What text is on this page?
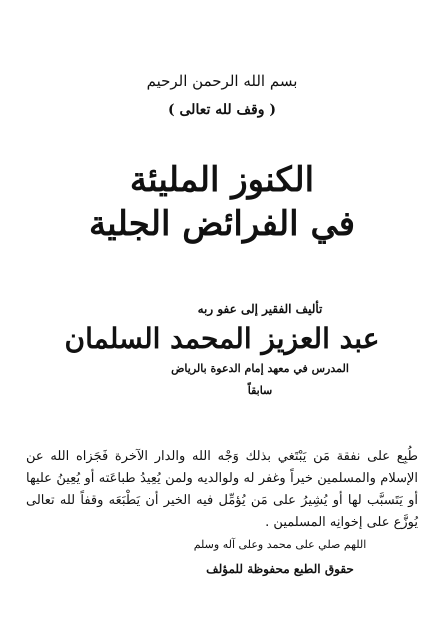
بسم الله الرحمن الرحيم
( وقف لله تعالى )
الكنوز المليئة
في الفرائض الجلية
تأليف الفقير إلى عفو ربه
عبد العزيز المحمد السلمان
المدرس في معهد إمام الدعوة بالرياض
سابقاً

طُبِع على نفقة مَن يَبْتَغي بذلك وَجْه الله والدار الآخرة فَجَزاه الله عن الإسلام والمسلمين خيراً وغفر له ولوالديه ولمن يُعِيدُ طباعَته أو يُعِينُ عليها أو يَتَسبَّب لها أو يُشِيرُ على مَن يُؤمِّل فيه الخير أن يَطْبَعَه وقفاً لله تعالى يُوزَّع على إخوانِه المسلمين .

اللهم صلي على محمد وعلى آله وسلم
حقوق الطبع محفوظة للمؤلف
